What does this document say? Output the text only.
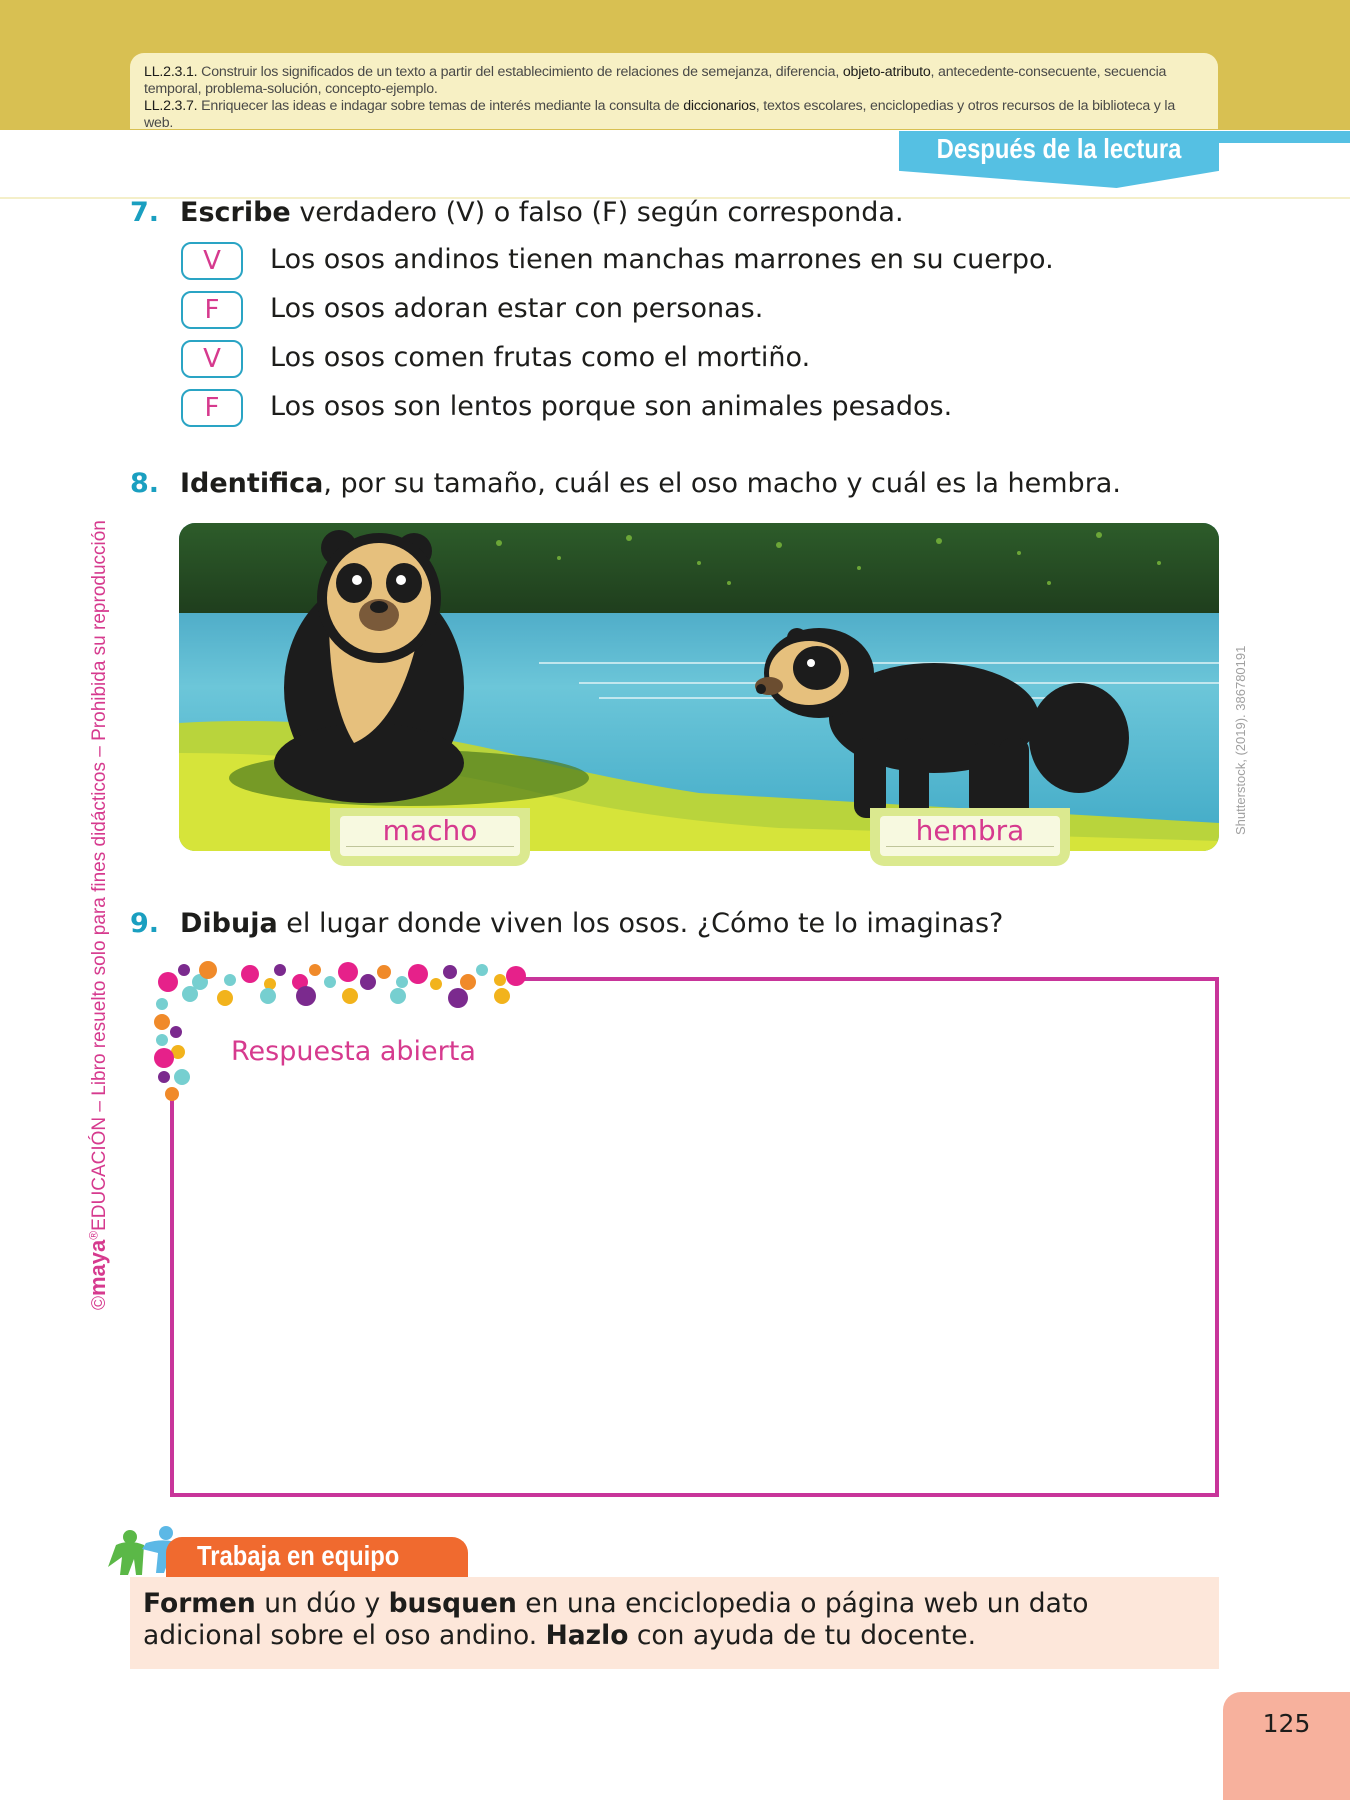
LL.2.3.1. Construir los significados de un texto a partir del establecimiento de relaciones de semejanza, diferencia, objeto-atributo, antecedente-consecuente, secuencia temporal, problema-solución, concepto-ejemplo.
LL.2.3.7. Enriquecer las ideas e indagar sobre temas de interés mediante la consulta de diccionarios, textos escolares, enciclopedias y otros recursos de la biblioteca y la web.
Después de la lectura
©maya®EDUCACIÓN – Libro resuelto solo para fines didácticos – Prohibida su reproducción
7. Escribe verdadero (V) o falso (F) según corresponda.
V	Los osos andinos tienen manchas marrones en su cuerpo.
F	Los osos adoran estar con personas.
V	Los osos comen frutas como el mortiño.
F	Los osos son lentos porque son animales pesados.
8. Identifica, por su tamaño, cuál es el oso macho y cuál es la hembra.
macho	hembra	Shutterstock, (2019). 386780191
9. Dibuja el lugar donde viven los osos. ¿Cómo te lo imaginas?
Respuesta abierta
Trabaja en equipo
Formen un dúo y busquen en una enciclopedia o página web un dato adicional sobre el oso andino. Hazlo con ayuda de tu docente.
125
